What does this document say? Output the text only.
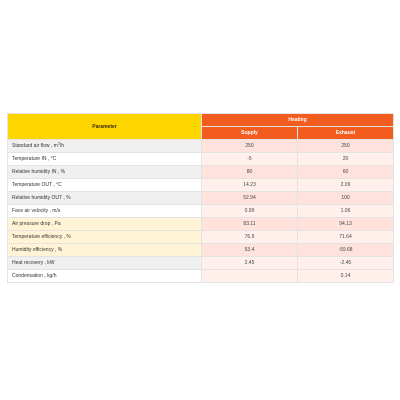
Parameter	Heating	
	Supply	Exhaust
Standard air flow , $m^3/h$	250	250
Temperature IN , °C	-5	20
Relative humidity IN , %	80	60
Temperature OUT , °C	14.23	2.09
Relative humidity OUT , %	52.94	100
Face air velocity , m/s	0.99	1.06
Air pressure drop , Pa	83.11	94.13
Temperature efficiency , %	76.9	71.64
Humidity efficiency , %	53.4	-59.68
Heat recovery , kW	2.45	-2.45
Condensation , kg/h		0.14
